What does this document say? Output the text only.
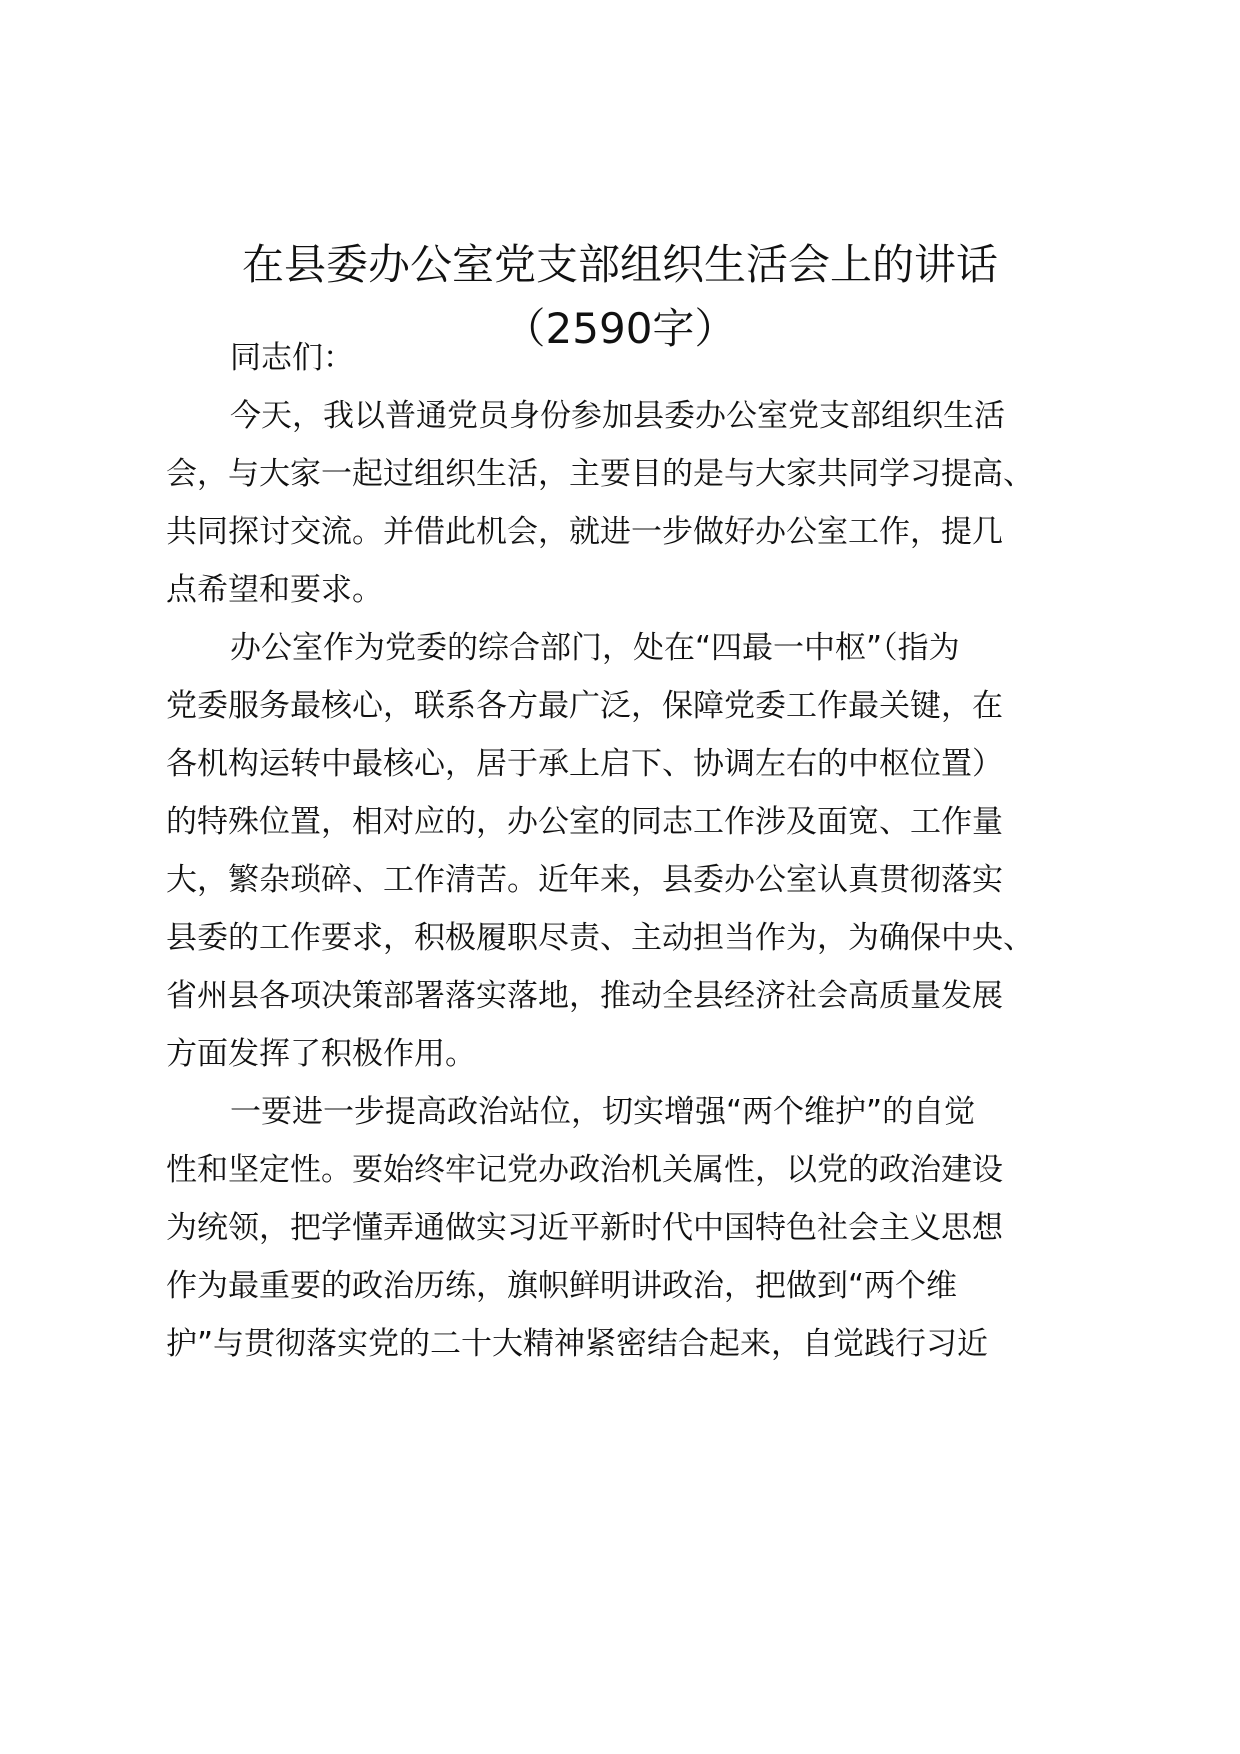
在县委办公室党支部组织生活会上的讲话
（2590字）
同志们：
今天，我以普通党员身份参加县委办公室党支部组织生活
会，与大家一起过组织生活，主要目的是与大家共同学习提高、
共同探讨交流。并借此机会，就进一步做好办公室工作，提几
点希望和要求。
办公室作为党委的综合部门，处在“四最一中枢”（指为
党委服务最核心，联系各方最广泛，保障党委工作最关键，在
各机构运转中最核心，居于承上启下、协调左右的中枢位置）
的特殊位置，相对应的，办公室的同志工作涉及面宽、工作量
大，繁杂琐碎、工作清苦。近年来，县委办公室认真贯彻落实
县委的工作要求，积极履职尽责、主动担当作为，为确保中央、
省州县各项决策部署落实落地，推动全县经济社会高质量发展
方面发挥了积极作用。
一要进一步提高政治站位，切实增强“两个维护”的自觉
性和坚定性。要始终牢记党办政治机关属性，以党的政治建设
为统领，把学懂弄通做实习近平新时代中国特色社会主义思想
作为最重要的政治历练，旗帜鲜明讲政治，把做到“两个维
护”与贯彻落实党的二十大精神紧密结合起来，自觉践行习近
